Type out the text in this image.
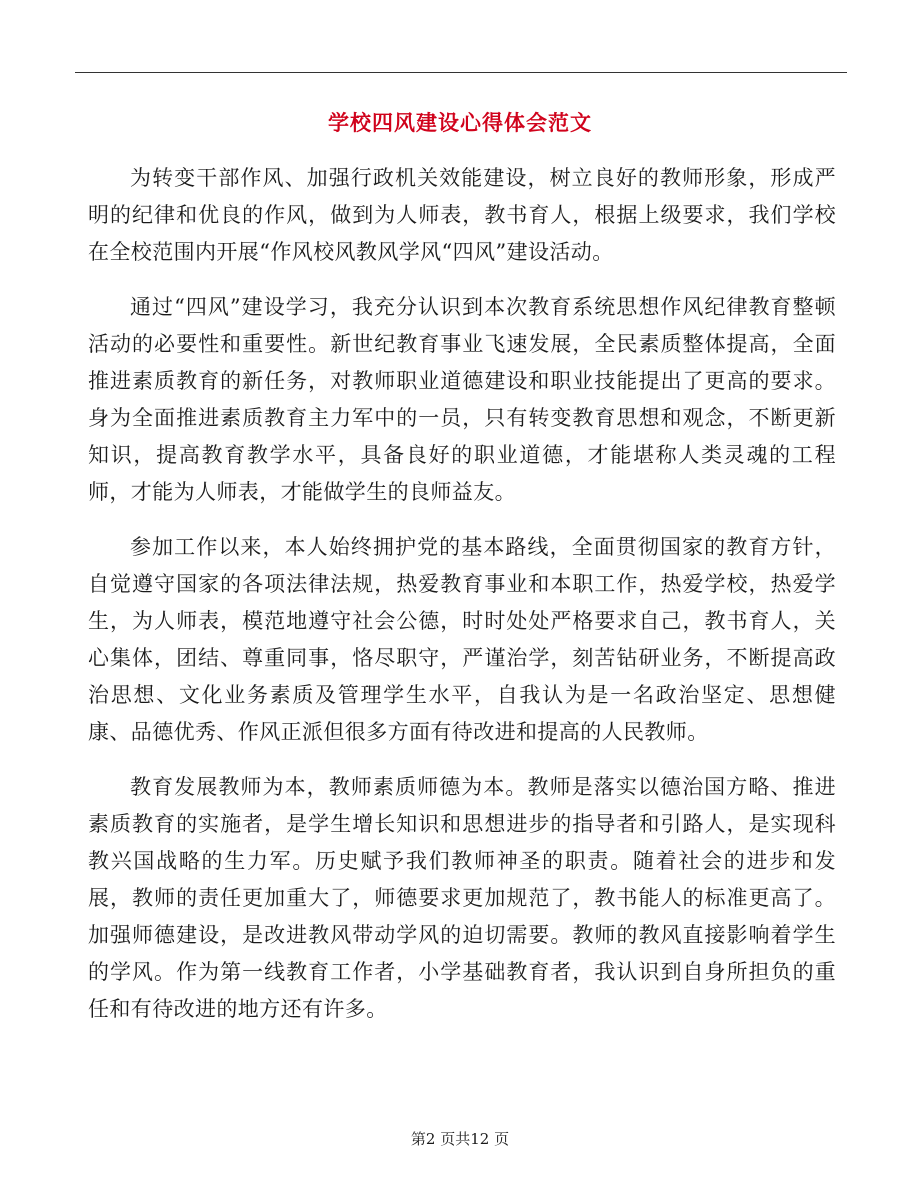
学校四风建设心得体会范文

为转变干部作风、加强行政机关效能建设，树立良好的教师形象，形成严明的纪律和优良的作风，做到为人师表，教书育人，根据上级要求，我们学校在全校范围内开展“作风校风教风学风“四风”建设活动。

通过“四风”建设学习，我充分认识到本次教育系统思想作风纪律教育整顿活动的必要性和重要性。新世纪教育事业飞速发展，全民素质整体提高，全面推进素质教育的新任务，对教师职业道德建设和职业技能提出了更高的要求。身为全面推进素质教育主力军中的一员，只有转变教育思想和观念，不断更新知识，提高教育教学水平，具备良好的职业道德，才能堪称人类灵魂的工程师，才能为人师表，才能做学生的良师益友。

参加工作以来，本人始终拥护党的基本路线，全面贯彻国家的教育方针，自觉遵守国家的各项法律法规，热爱教育事业和本职工作，热爱学校，热爱学生，为人师表，模范地遵守社会公德，时时处处严格要求自己，教书育人，关心集体，团结、尊重同事，恪尽职守，严谨治学，刻苦钻研业务，不断提高政治思想、文化业务素质及管理学生水平，自我认为是一名政治坚定、思想健康、品德优秀、作风正派但很多方面有待改进和提高的人民教师。

教育发展教师为本，教师素质师德为本。教师是落实以德治国方略、推进素质教育的实施者，是学生增长知识和思想进步的指导者和引路人，是实现科教兴国战略的生力军。历史赋予我们教师神圣的职责。随着社会的进步和发展，教师的责任更加重大了，师德要求更加规范了，教书能人的标准更高了。加强师德建设，是改进教风带动学风的迫切需要。教师的教风直接影响着学生的学风。作为第一线教育工作者，小学基础教育者，我认识到自身所担负的重任和有待改进的地方还有许多。

第2 页共12 页
